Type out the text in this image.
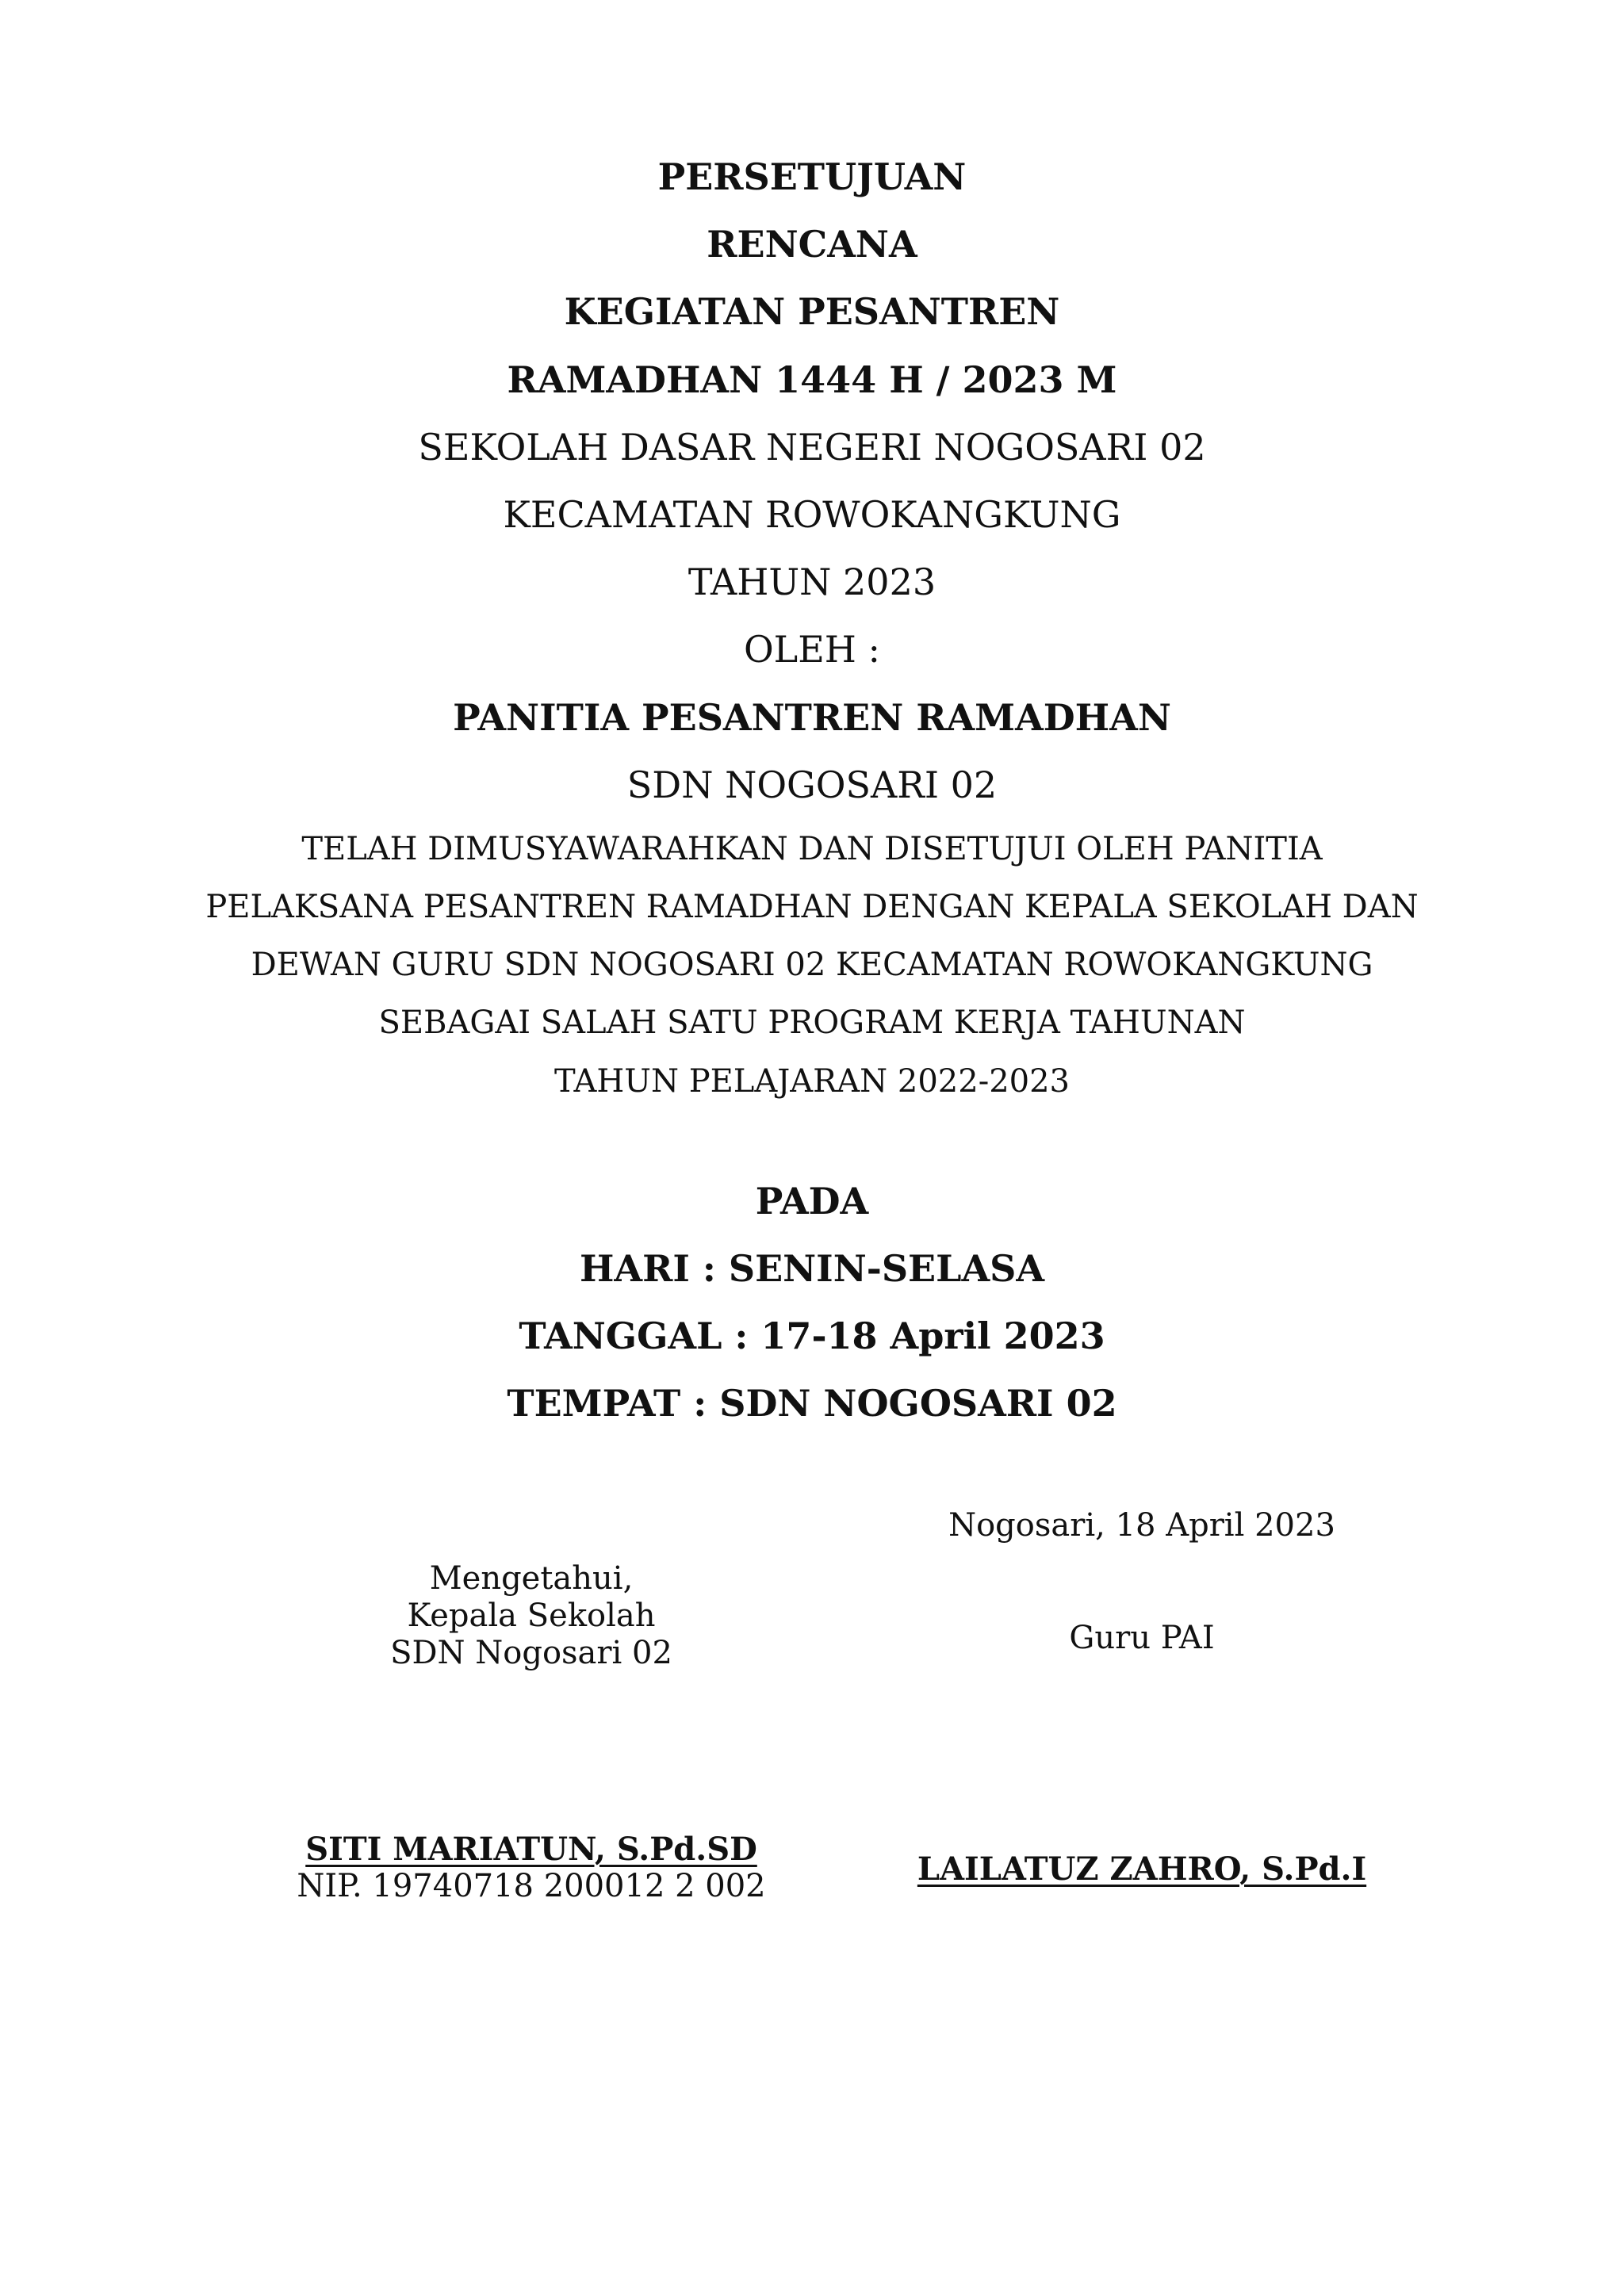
PERSETUJUAN
RENCANA
KEGIATAN PESANTREN
RAMADHAN 1444 H / 2023 M
SEKOLAH DASAR NEGERI NOGOSARI 02
KECAMATAN ROWOKANGKUNG
TAHUN 2023
OLEH :
PANITIA PESANTREN RAMADHAN
SDN NOGOSARI 02
TELAH DIMUSYAWARAHKAN DAN DISETUJUI OLEH PANITIA
PELAKSANA PESANTREN RAMADHAN DENGAN KEPALA SEKOLAH DAN
DEWAN GURU SDN NOGOSARI 02 KECAMATAN ROWOKANGKUNG
SEBAGAI SALAH SATU PROGRAM KERJA TAHUNAN
TAHUN PELAJARAN 2022-2023
PADA
HARI : SENIN-SELASA
TANGGAL : 17-18 April 2023
TEMPAT : SDN NOGOSARI 02
Nogosari, 18 April 2023
Mengetahui,
Kepala Sekolah
SDN Nogosari 02	Guru PAI
SITI MARIATUN, S.Pd.SD
NIP. 19740718 200012 2 002	LAILATUZ ZAHRO, S.Pd.I
